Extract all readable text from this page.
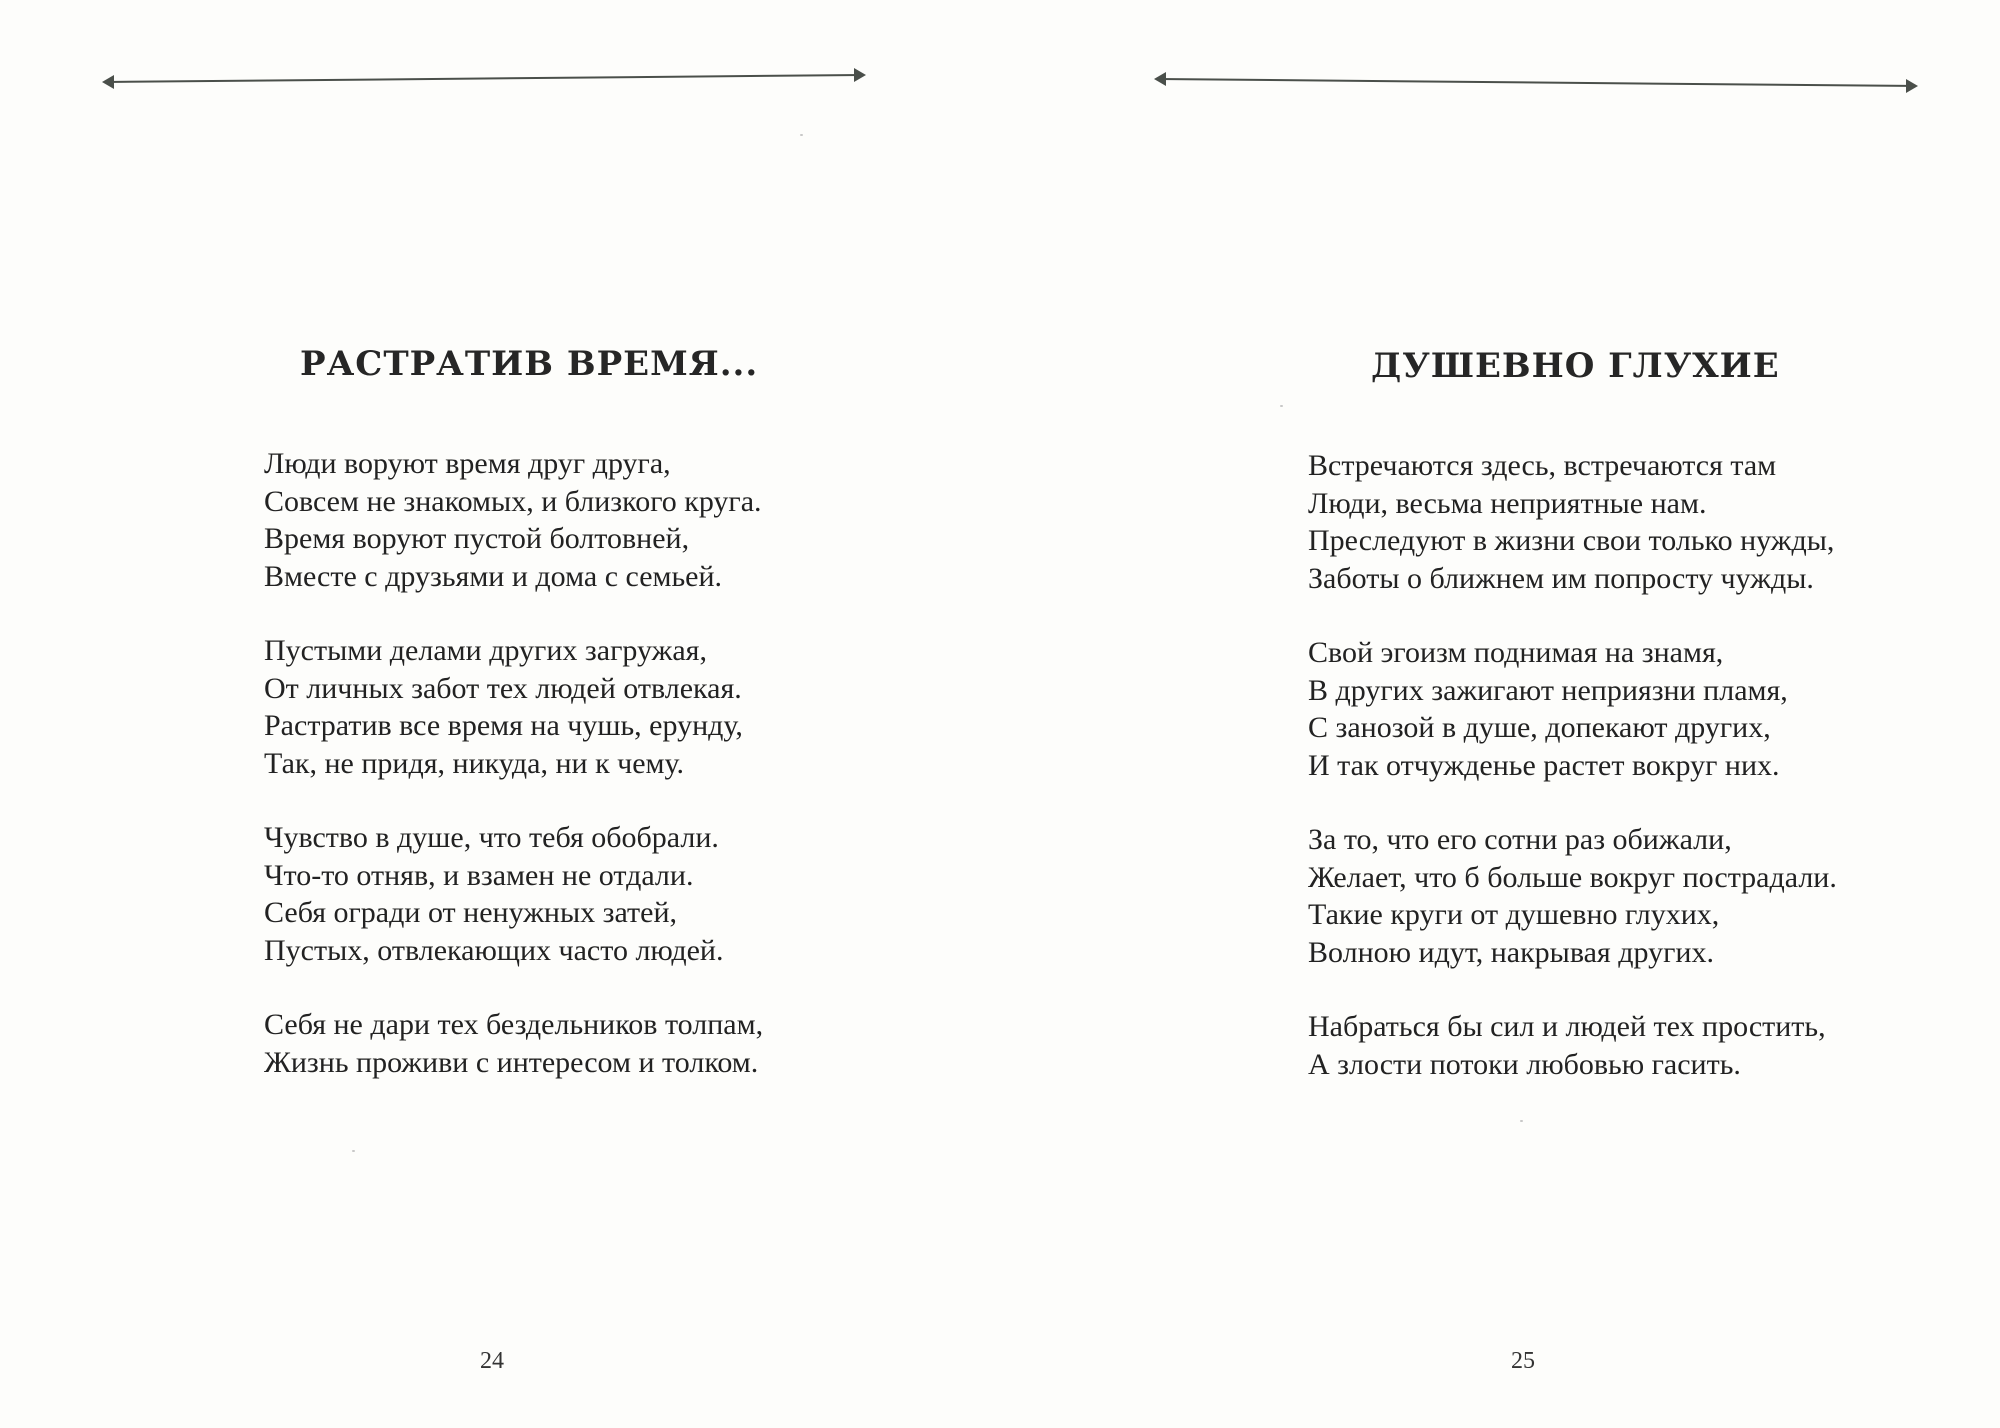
РАСТРАТИВ ВРЕМЯ...
Люди воруют время друг друга,
Совсем не знакомых, и близкого круга.
Время воруют пустой болтовней,
Вместе с друзьями и дома с семьей.
Пустыми делами других загружая,
От личных забот тех людей отвлекая.
Растратив все время на чушь, ерунду,
Так, не придя, никуда, ни к чему.
Чувство в душе, что тебя обобрали.
Что-то отняв, и взамен не отдали.
Себя огради от ненужных затей,
Пустых, отвлекающих часто людей.
Себя не дари тех бездельников толпам,
Жизнь проживи с интересом и толком.
24
ДУШЕВНО ГЛУХИЕ
Встречаются здесь, встречаются там
Люди, весьма неприятные нам.
Преследуют в жизни свои только нужды,
Заботы о ближнем им попросту чужды.
Свой эгоизм поднимая на знамя,
В других зажигают неприязни пламя,
С занозой в душе, допекают других,
И так отчужденье растет вокруг них.
За то, что его сотни раз обижали,
Желает, что б больше вокруг пострадали.
Такие круги от душевно глухих,
Волною идут, накрывая других.
Набраться бы сил и людей тех простить,
А злости потоки любовью гасить.
25
